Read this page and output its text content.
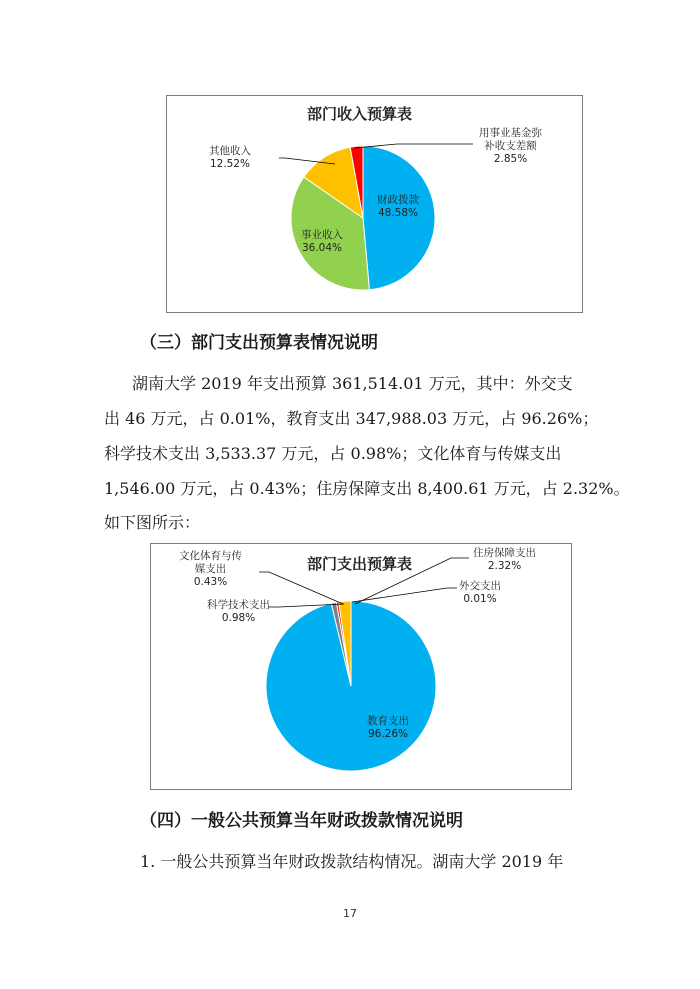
部门收入预算表
财政拨款
48.58%
事业收入
36.04%
其他收入
12.52%
用事业基金弥
补收支差额
2.85%
（三）部门支出预算表情况说明
湖南大学 2019 年支出预算 361,514.01 万元，其中：外交支
出 46 万元，占 0.01%，教育支出 347,988.03 万元，占 96.26%；
科学技术支出 3,533.37 万元，占 0.98%；文化体育与传媒支出
1,546.00 万元，占 0.43%；住房保障支出 8,400.61 万元，占 2.32%。
如下图所示：
部门支出预算表
文化体育与传
媒支出
0.43%
科学技术支出
0.98%
住房保障支出
2.32%
外交支出
0.01%
教育支出
96.26%
（四）一般公共预算当年财政拨款情况说明
1. 一般公共预算当年财政拨款结构情况。湖南大学 2019 年
17
